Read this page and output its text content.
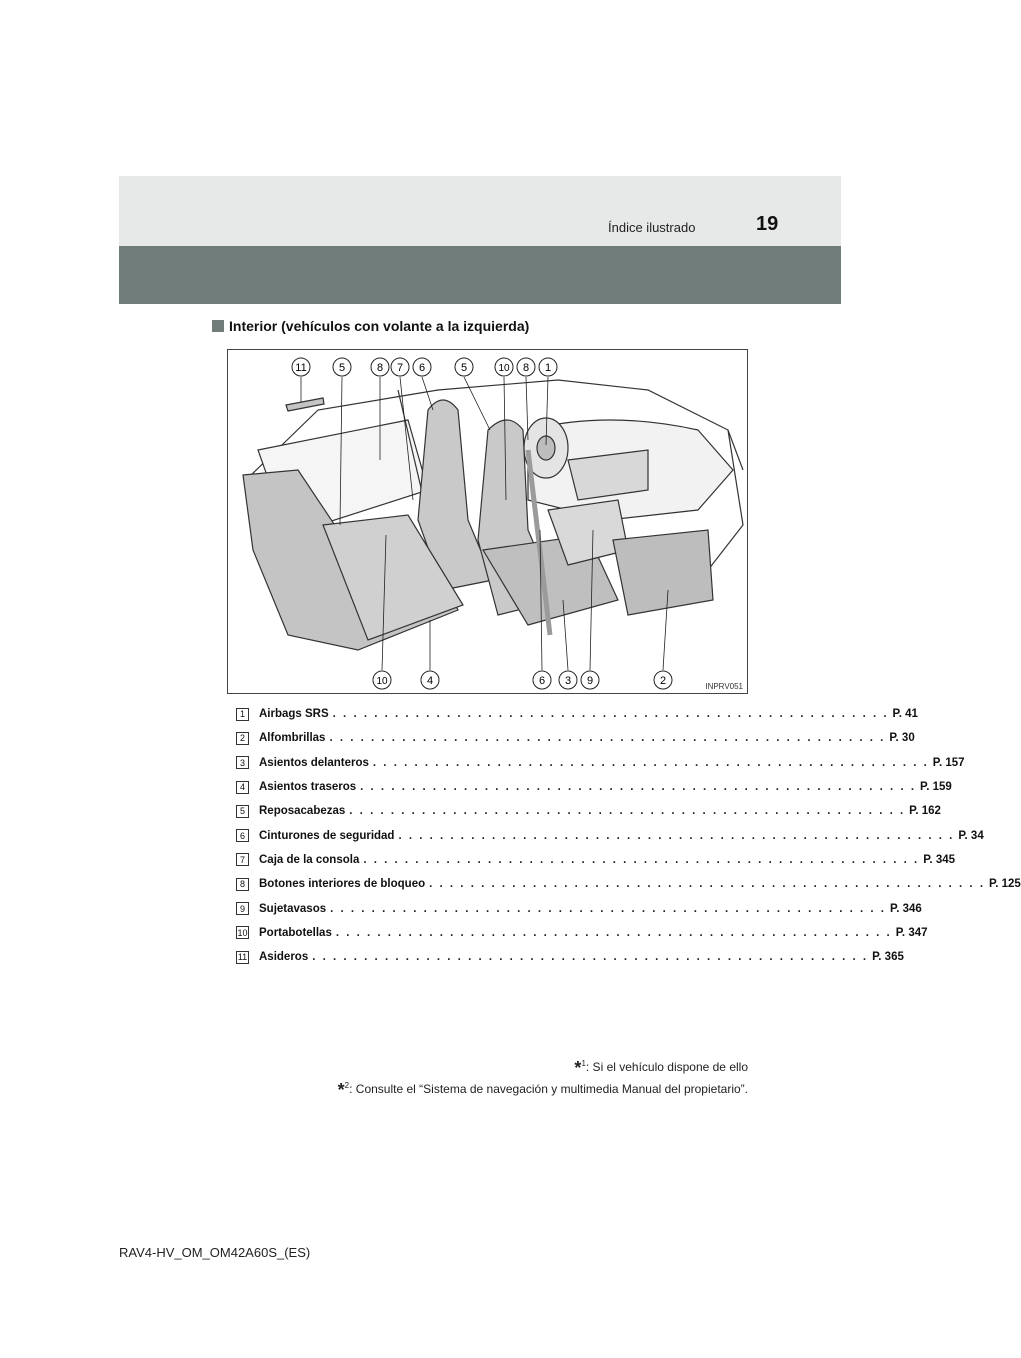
Índice ilustrado	19
Interior (vehículos con volante a la izquierda)
11	5	8 7 6	5	10 8 1
10	4	6 3 9	2	INPRV051
1	Airbags SRS . . . . . . . . . . . . . . . . . . . . . . . . . . . . . . . . . . . . . . . . . . . . . . . . . . . . . . P. 41
2	Alfombrillas . . . . . . . . . . . . . . . . . . . . . . . . . . . . . . . . . . . . . . . . . . . . . . . . . . . . . . P. 30
3	Asientos delanteros . . . . . . . . . . . . . . . . . . . . . . . . . . . . . . . . . . . . . . . . . . . . . . . . . . . . . . P. 157
4	Asientos traseros . . . . . . . . . . . . . . . . . . . . . . . . . . . . . . . . . . . . . . . . . . . . . . . . . . . . . . P. 159
5	Reposacabezas . . . . . . . . . . . . . . . . . . . . . . . . . . . . . . . . . . . . . . . . . . . . . . . . . . . . . . P. 162
6	Cinturones de seguridad . . . . . . . . . . . . . . . . . . . . . . . . . . . . . . . . . . . . . . . . . . . . . . . . . . . . . . P. 34
7	Caja de la consola . . . . . . . . . . . . . . . . . . . . . . . . . . . . . . . . . . . . . . . . . . . . . . . . . . . . . . P. 345
8	Botones interiores de bloqueo . . . . . . . . . . . . . . . . . . . . . . . . . . . . . . . . . . . . . . . . . . . . . . . . . . . . . . P. 125
9	Sujetavasos . . . . . . . . . . . . . . . . . . . . . . . . . . . . . . . . . . . . . . . . . . . . . . . . . . . . . . P. 346
10 Portabotellas . . . . . . . . . . . . . . . . . . . . . . . . . . . . . . . . . . . . . . . . . . . . . . . . . . . . . . P. 347
11 Asideros . . . . . . . . . . . . . . . . . . . . . . . . . . . . . . . . . . . . . . . . . . . . . . . . . . . . . . P. 365
*$^1$: Si el vehículo dispone de ello
*$^2$: Consulte el “Sistema de navegación y multimedia Manual del propietario”.
RAV4-HV_OM_OM42A60S_(ES)
